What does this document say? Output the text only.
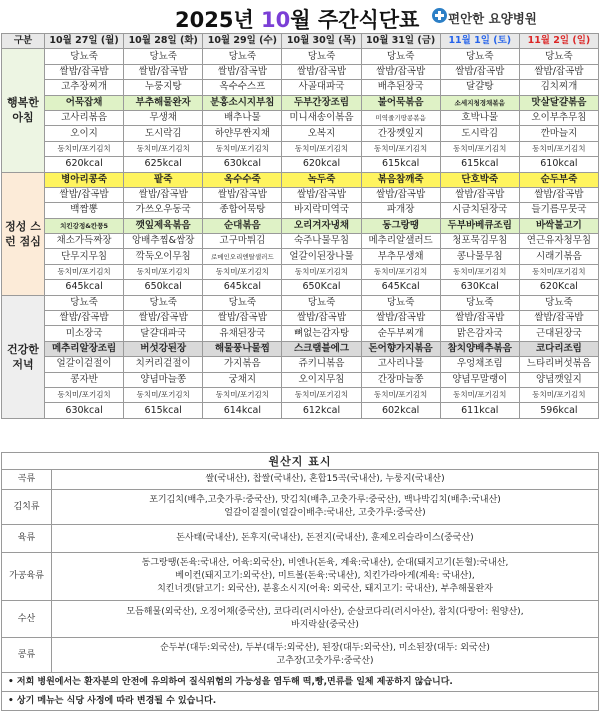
2025년 10월 주간식단표 편안한 요양병원
구분	10월 27일 (월)	10월 28일 (화)	10월 29일 (수)	10월 30일 (목)	10월 31일 (금)	11월 1일 (토)	11월 2일 (일)
행복한 아침	당뇨죽	당뇨죽	당뇨죽	당뇨죽	당뇨죽	당뇨죽	당뇨죽
	쌀밥/잡곡밥	쌀밥/잡곡밥	쌀밥/잡곡밥	쌀밥/잡곡밥	쌀밥/잡곡밥	쌀밥/잡곡밥	쌀밥/잡곡밥
	고추장찌개	누룽지탕	옥수수스프	사골대파국	배추된장국	달걀탕	김치찌개
	어묵잡채	부추해물완자	분홍소시지부침	두부간장조림	불어묵볶음	소세지청경채볶음	맛살달걀볶음
	고사리볶음	무생채	배추나물	미니새송이볶음	미역줄기땅콩볶음	호박나물	오이부추무침
	오이지	도시락김	하얀무짠지채	오복지	간장깻잎지	도시락김	깐마늘지
	동치미/포기김치	동치미/포기김치	동치미/포기김치	동치미/포기김치	동치미/포기김치	동치미/포기김치	동치미/포기김치
	620kcal	625kcal	630kcal	620kcal	615kcal	615kcal	610kcal
정성 스런 점심	병아리콩죽	팥죽	옥수수죽	녹두죽	볶음참깨죽	단호박죽	순두부죽
	쌀밥/잡곡밥	쌀밥/잡곡밥	쌀밥/잡곡밥	쌀밥/잡곡밥	쌀밥/잡곡밥	쌀밥/잡곡밥	쌀밥/잡곡밥
	백짬뽕	가쓰오우동국	종합어묵탕	바지락미역국	파개장	시금치된장국	들기름무뭇국
	치킨강정&칸풍5	깻잎제육볶음	순대볶음	오리겨자냉채	동그랑땡	두부바베큐조림	바싹불고기
	채소가득짜장	앙배추찜&쌈장	고구마튀김	숙주나물무침	메추리알샐러드	청포묵김무침	연근유자청무침
	단무지무침	깍둑오이무침	로메인오리엔탈샐러드	얼갈이된장나물	부추무생채	콩나물무침	시래기볶음
	동치미/포기김치	동치미/포기김치	동치미/포기김치	동치미/포기김치	동치미/포기김치	동치미/포기김치	동치미/포기김치
	645kcal	650kcal	645kcal	650Kcal	645Kcal	630Kcal	620Kcal
건강한 저녁	당뇨죽	당뇨죽	당뇨죽	당뇨죽	당뇨죽	당뇨죽	당뇨죽
	쌀밥/잡곡밥	쌀밥/잡곡밥	쌀밥/잡곡밥	쌀밥/잡곡밥	쌀밥/잡곡밥	쌀밥/잡곡밥	쌀밥/잡곡밥
	미소장국	달걀대파국	유채된장국	뼈없는감자탕	순두부찌개	맑은감자국	근대된장국
	메추리알장조림	버섯강된장	해물풍나물찜	스크램블에그	돈어향가지볶음	참치양배추볶음	코다리조림
	얼갈이겉절이	치커리겉절이	가지볶음	쥬키니볶음	고사리나물	우엉채조림	느타리버섯볶음
	콩자반	양념마늘쫑	궁채지	오이지무침	간장마늘쫑	양념무말랭이	양념깻잎지
	동치미/포기김치	동치미/포기김치	동치미/포기김치	동치미/포기김치	동치미/포기김치	동치미/포기김치	동치미/포기김치
	630kcal	615kcal	614kcal	612kcal	602kcal	611kcal	596kcal
원산지 표시	
곡류	쌀(국내산), 찹쌀(국내산), 혼합15곡(국내산), 누룽지(국내산)

김치류	포기김치(배추,고춧가루:중국산), 맛김치(배추,고춧가루:중국산), 백나박김치(배추:국내산)
얼갈이겉절이(얼갈이배추:국내산, 고춧가루:중국산)

육류	돈사태(국내산), 돈후지(국내산), 돈전지(국내산), 훈제오리슬라이스(중국산)

가공육류	동그랑땡(돈육:국내산, 어육:외국산), 비엔나(돈육, 계육:국내산), 순대(돼지고기(돈혈):국내산,
베이컨(돼지고기:외국산), 미트볼(돈육:국내산), 치킨가라아게(계육: 국내산),
치킨너겟(닭고기: 외국산), 분홍소시지(어육: 외국산, 돼지고기: 국내산), 부추해물완자

수산	모듬해물(외국산), 오징어채(중국산), 코다리(러시아산), 순살코다리(러시아산), 참치(다랑어: 원양산),
바지락살(중국산)

콩류	순두부(대두:외국산), 두부(대두:외국산), 된장(대두:외국산), 미소된장(대두: 외국산)
고추장(고춧가루:중국산)

• 저희 병원에서는 환자분의 안전에 유의하여 질식위험의 가능성을 염두해 떡,빵,면류를 일체 제공하지 않습니다.	
• 상기 메뉴는 식당 사정에 따라 변경될 수 있습니다.	
